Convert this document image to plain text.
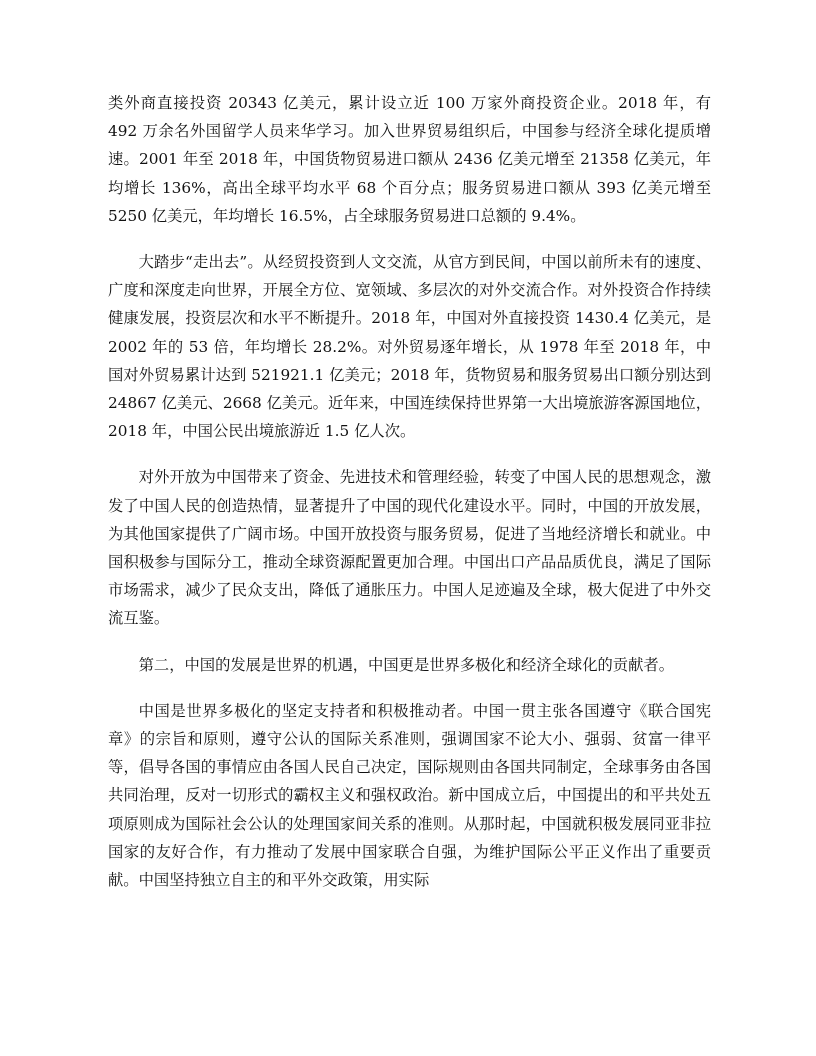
类外商直接投资 20343 亿美元，累计设立近 100 万家外商投资企业。2018 年，有 492 万余名外国留学人员来华学习。加入世界贸易组织后，中国参与经济全球化提质增速。2001 年至 2018 年，中国货物贸易进口额从 2436 亿美元增至 21358 亿美元，年均增长 136%，高出全球平均水平 68 个百分点；服务贸易进口额从 393 亿美元增至 5250 亿美元，年均增长 16.5%，占全球服务贸易进口总额的 9.4%。

大踏步“走出去”。从经贸投资到人文交流，从官方到民间，中国以前所未有的速度、广度和深度走向世界，开展全方位、宽领域、多层次的对外交流合作。对外投资合作持续健康发展，投资层次和水平不断提升。2018 年，中国对外直接投资 1430.4 亿美元，是 2002 年的 53 倍，年均增长 28.2%。对外贸易逐年增长，从 1978 年至 2018 年，中国对外贸易累计达到 521921.1 亿美元；2018 年，货物贸易和服务贸易出口额分别达到 24867 亿美元、2668 亿美元。近年来，中国连续保持世界第一大出境旅游客源国地位，2018 年，中国公民出境旅游近 1.5 亿人次。

对外开放为中国带来了资金、先进技术和管理经验，转变了中国人民的思想观念，激发了中国人民的创造热情，显著提升了中国的现代化建设水平。同时，中国的开放发展，为其他国家提供了广阔市场。中国开放投资与服务贸易，促进了当地经济增长和就业。中国积极参与国际分工，推动全球资源配置更加合理。中国出口产品品质优良，满足了国际市场需求，减少了民众支出，降低了通胀压力。中国人足迹遍及全球，极大促进了中外交流互鉴。

第二，中国的发展是世界的机遇，中国更是世界多极化和经济全球化的贡献者。

中国是世界多极化的坚定支持者和积极推动者。中国一贯主张各国遵守《联合国宪章》的宗旨和原则，遵守公认的国际关系准则，强调国家不论大小、强弱、贫富一律平等，倡导各国的事情应由各国人民自己决定，国际规则由各国共同制定，全球事务由各国共同治理，反对一切形式的霸权主义和强权政治。新中国成立后，中国提出的和平共处五项原则成为国际社会公认的处理国家间关系的准则。从那时起，中国就积极发展同亚非拉国家的友好合作，有力推动了发展中国家联合自强，为维护国际公平正义作出了重要贡献。中国坚持独立自主的和平外交政策，用实际
